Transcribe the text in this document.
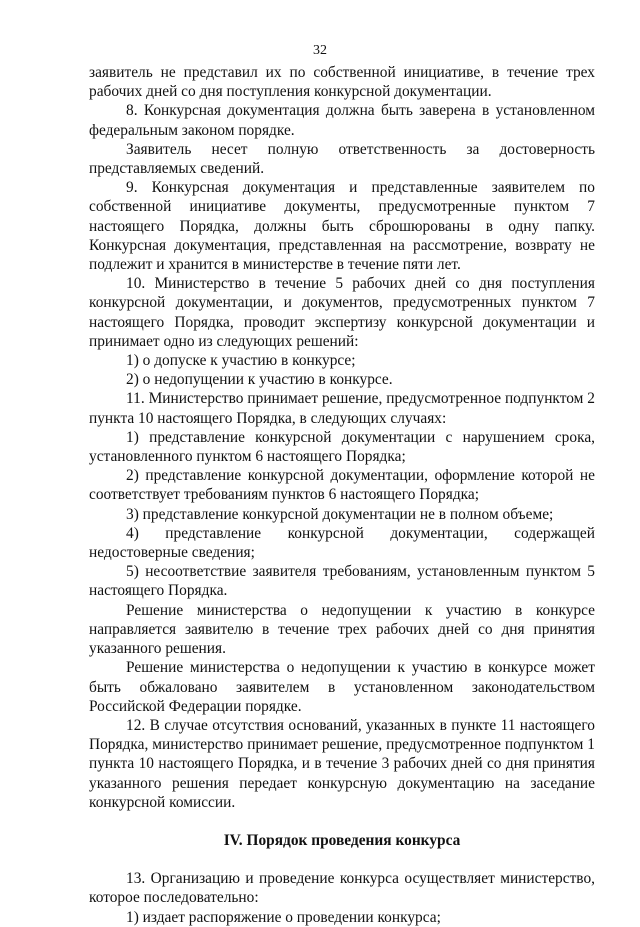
32

заявитель не представил их по собственной инициативе, в течение трех рабочих дней со дня поступления конкурсной документации.

8. Конкурсная документация должна быть заверена в установленном федеральным законом порядке.

Заявитель несет полную ответственность за достоверность представляемых сведений.

9. Конкурсная документация и представленные заявителем по собственной инициативе документы, предусмотренные пунктом 7 настоящего Порядка, должны быть сброшюрованы в одну папку. Конкурсная документация, представленная на рассмотрение, возврату не подлежит и хранится в министерстве в течение пяти лет.

10. Министерство в течение 5 рабочих дней со дня поступления конкурсной документации, и документов, предусмотренных пунктом 7 настоящего Порядка, проводит экспертизу конкурсной документации и принимает одно из следующих решений:

1) о допуске к участию в конкурсе;

2) о недопущении к участию в конкурсе.

11. Министерство принимает решение, предусмотренное подпунктом 2 пункта 10 настоящего Порядка, в следующих случаях:

1) представление конкурсной документации с нарушением срока, установленного пунктом 6 настоящего Порядка;

2) представление конкурсной документации, оформление которой не соответствует требованиям пунктов 6 настоящего Порядка;

3) представление конкурсной документации не в полном объеме;

4) представление конкурсной документации, содержащей недостоверные сведения;

5) несоответствие заявителя требованиям, установленным пунктом 5 настоящего Порядка.

Решение министерства о недопущении к участию в конкурсе направляется заявителю в течение трех рабочих дней со дня принятия указанного решения.

Решение министерства о недопущении к участию в конкурсе может быть обжаловано заявителем в установленном законодательством Российской Федерации порядке.

12. В случае отсутствия оснований, указанных в пункте 11 настоящего Порядка, министерство принимает решение, предусмотренное подпунктом 1 пункта 10 настоящего Порядка, и в течение 3 рабочих дней со дня принятия указанного решения передает конкурсную документацию на заседание конкурсной комиссии.

IV. Порядок проведения конкурса

13. Организацию и проведение конкурса осуществляет министерство, которое последовательно:

1) издает распоряжение о проведении конкурса;
